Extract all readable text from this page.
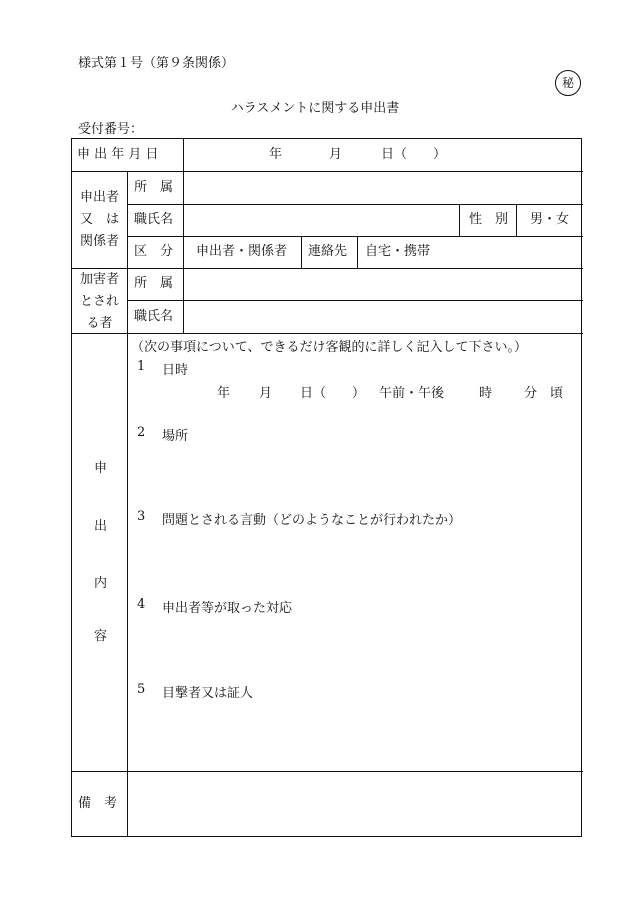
様式第１号（第９条関係）
秘
ハラスメントに関する申出書
受付番号：
申 出 年 月 日	年	月	日（　　）
申出者
又　は
関係者
所　属
職氏名	性　別 男・女
区　分 申出者・関係者 連絡先 自宅・携帯
加害者
とされ
る者
所　属
職氏名
申
出
内
容
（次の事項について、できるだけ客観的に詳しく記入して下さい。）
1 日時
年 月 日（　　） 午前・午後	時 分　頃
2 場所
3 問題とされる言動（どのようなことが行われたか）
4 申出者等が取った対応
5 目撃者又は証人
備　考
